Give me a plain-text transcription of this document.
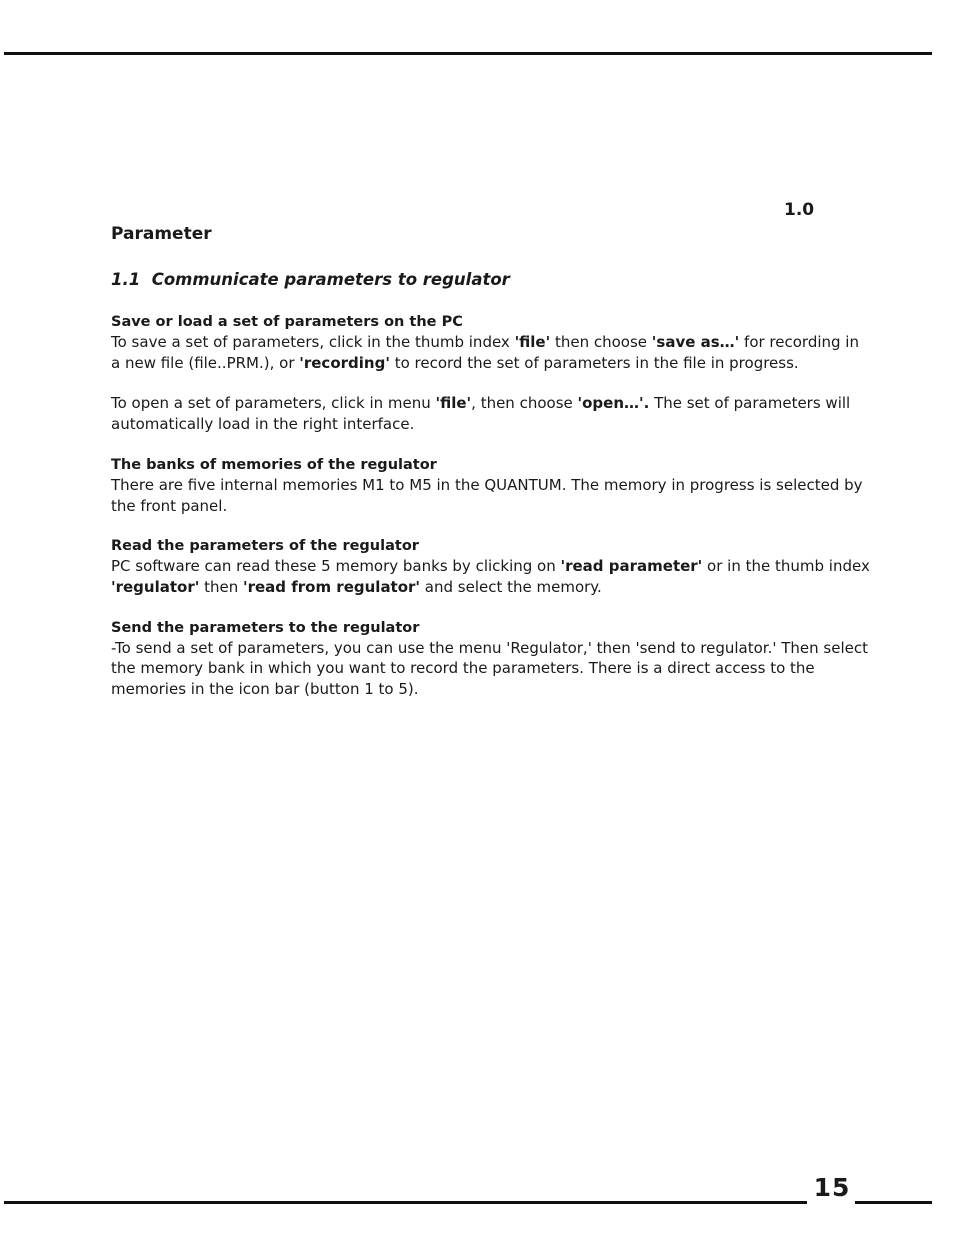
1.0
Parameter
1.1  Communicate parameters to regulator
Save or load a set of parameters on the PC

To save a set of parameters, click in the thumb index 'file' then choose 'save as…' for recording in a new file (file..PRM.), or 'recording' to record the set of parameters in the file in progress.

To open a set of parameters, click in menu 'file', then choose 'open…'. The set of parameters will automatically load in the right interface.

The banks of memories of the regulator

There are five internal memories M1 to M5 in the QUANTUM. The memory in progress is selected by the front panel.

Read the parameters of the regulator

PC software can read these 5 memory banks by clicking on 'read parameter' or in the thumb index 'regulator' then 'read from regulator' and select the memory.

Send the parameters to the regulator

-To send a set of parameters, you can use the menu 'Regulator,' then 'send to regulator.' Then select the memory bank in which you want to record the parameters. There is a direct access to the memories in the icon bar (button 1 to 5).

15
